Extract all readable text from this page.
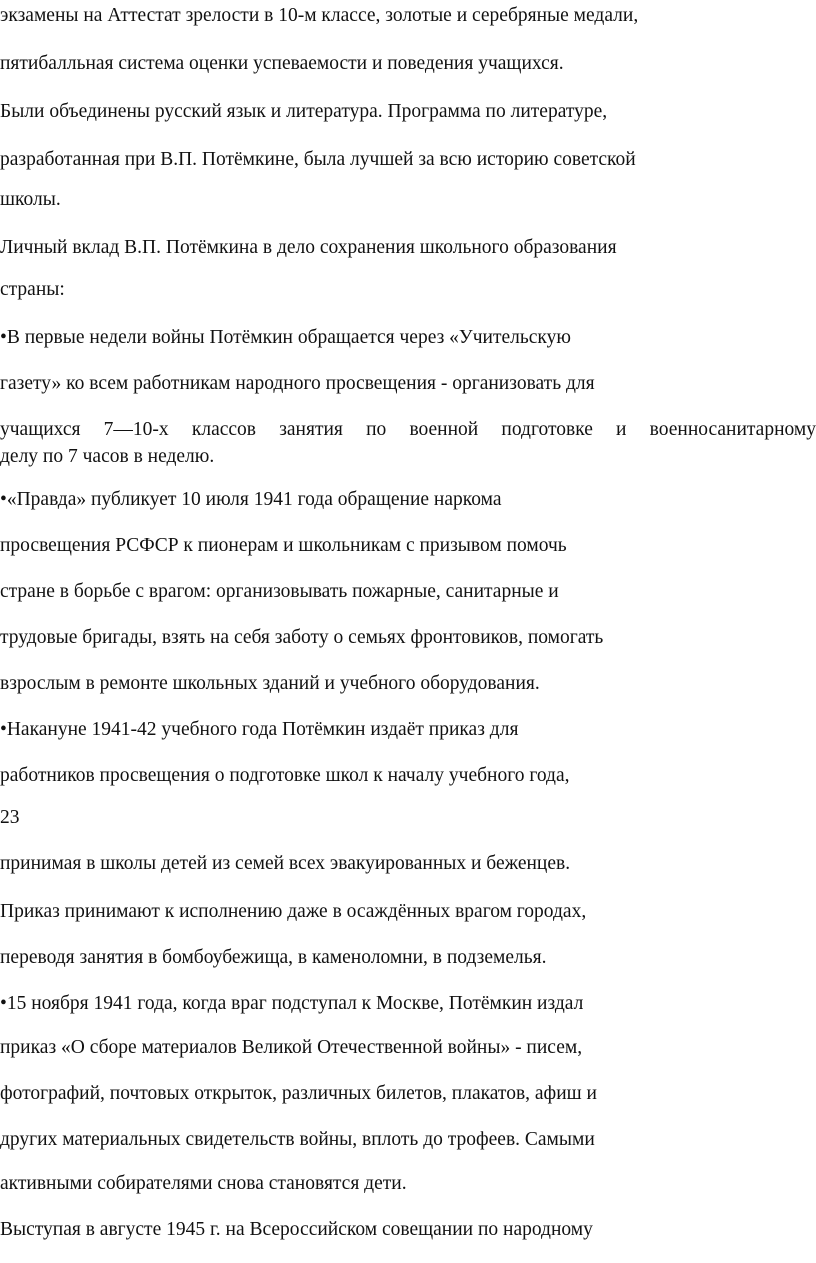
экзамены на Аттестат зрелости в 10-м классе, золотые и серебряные медали,
пятибалльная система оценки успеваемости и поведения учащихся.
Были объединены русский язык и литература. Программа по литературе,
разработанная при В.П. Потёмкине, была лучшей за всю историю советской
школы.
Личный вклад В.П. Потёмкина в дело сохранения школьного образования
страны:
•В первые недели войны Потёмкин обращается через «Учительскую
газету» ко всем работникам народного просвещения - организовать для
учащихся 7—10-х классов занятия по военной подготовке и военносанитарному
делу по 7 часов в неделю.
•«Правда» публикует 10 июля 1941 года обращение наркома
просвещения РСФСР к пионерам и школьникам с призывом помочь
стране в борьбе с врагом: организовывать пожарные, санитарные и
трудовые бригады, взять на себя заботу о семьях фронтовиков, помогать
взрослым в ремонте школьных зданий и учебного оборудования.
•Накануне 1941-42 учебного года Потёмкин издаёт приказ для
работников просвещения о подготовке школ к началу учебного года,
23
принимая в школы детей из семей всех эвакуированных и беженцев.
Приказ принимают к исполнению даже в осаждённых врагом городах,
переводя занятия в бомбоубежища, в каменоломни, в подземелья.
•15 ноября 1941 года, когда враг подступал к Москве, Потёмкин издал
приказ «О сборе материалов Великой Отечественной войны» - писем,
фотографий, почтовых открыток, различных билетов, плакатов, афиш и
других материальных свидетельств войны, вплоть до трофеев. Самыми
активными собирателями снова становятся дети.
Выступая в августе 1945 г. на Всероссийском совещании по народному
